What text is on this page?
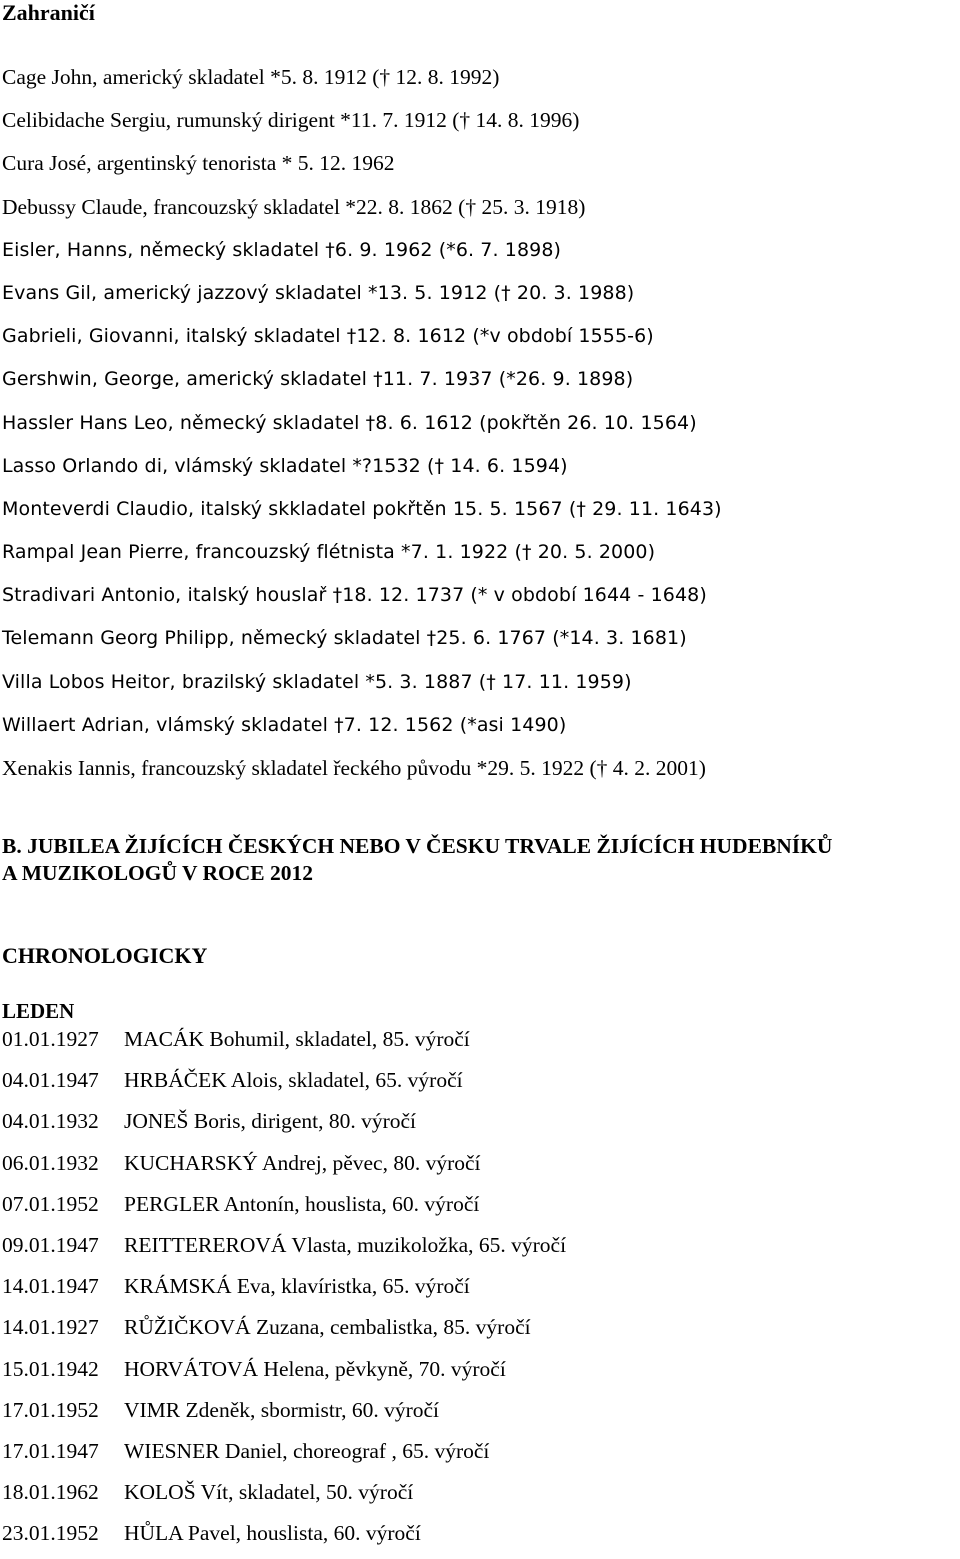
Zahraničí
Cage John, americký skladatel *5. 8. 1912 († 12. 8. 1992)
Celibidache Sergiu, rumunský dirigent *11. 7. 1912 († 14. 8. 1996)
Cura José, argentinský tenorista * 5. 12. 1962
Debussy Claude, francouzský skladatel *22. 8. 1862 († 25. 3. 1918)
Eisler, Hanns, německý skladatel †6. 9. 1962 (*6. 7. 1898)
Evans Gil, americký jazzový skladatel *13. 5. 1912 († 20. 3. 1988)
Gabrieli, Giovanni, italský skladatel †12. 8. 1612 (*v období 1555-6)
Gershwin, George, americký skladatel †11. 7. 1937 (*26. 9. 1898)
Hassler Hans Leo, německý skladatel †8. 6. 1612 (pokřtěn 26. 10. 1564)
Lasso Orlando di, vlámský skladatel *?1532 († 14. 6. 1594)
Monteverdi Claudio, italský skkladatel pokřtěn 15. 5. 1567 († 29. 11. 1643)
Rampal Jean Pierre, francouzský flétnista *7. 1. 1922 († 20. 5. 2000)
Stradivari Antonio, italský houslař †18. 12. 1737 (* v období 1644 - 1648)
Telemann Georg Philipp, německý skladatel †25. 6. 1767 (*14. 3. 1681)
Villa Lobos Heitor, brazilský skladatel *5. 3. 1887 († 17. 11. 1959)
Willaert Adrian, vlámský skladatel †7. 12. 1562 (*asi 1490)
Xenakis Iannis, francouzský skladatel řeckého původu *29. 5. 1922 († 4. 2. 2001)
B. JUBILEA ŽIJÍCÍCH ČESKÝCH NEBO V ČESKU TRVALE ŽIJÍCÍCH HUDEBNÍKŮ
A MUZIKOLOGŮ V ROCE 2012
CHRONOLOGICKY
LEDEN
01.01.1927 MACÁK Bohumil, skladatel, 85. výročí
04.01.1947 HRBÁČEK Alois, skladatel, 65. výročí
04.01.1932 JONEŠ Boris, dirigent, 80. výročí
06.01.1932 KUCHARSKÝ Andrej, pěvec, 80. výročí
07.01.1952 PERGLER Antonín, houslista, 60. výročí
09.01.1947 REITTEREROVÁ Vlasta, muzikoložka, 65. výročí
14.01.1947 KRÁMSKÁ Eva, klavíristka, 65. výročí
14.01.1927 RŮŽIČKOVÁ Zuzana, cembalistka, 85. výročí
15.01.1942 HORVÁTOVÁ Helena, pěvkyně, 70. výročí
17.01.1952 VIMR Zdeněk, sbormistr, 60. výročí
17.01.1947 WIESNER Daniel, choreograf , 65. výročí
18.01.1962 KOLOŠ Vít, skladatel, 50. výročí
23.01.1952 HŮLA Pavel, houslista, 60. výročí
